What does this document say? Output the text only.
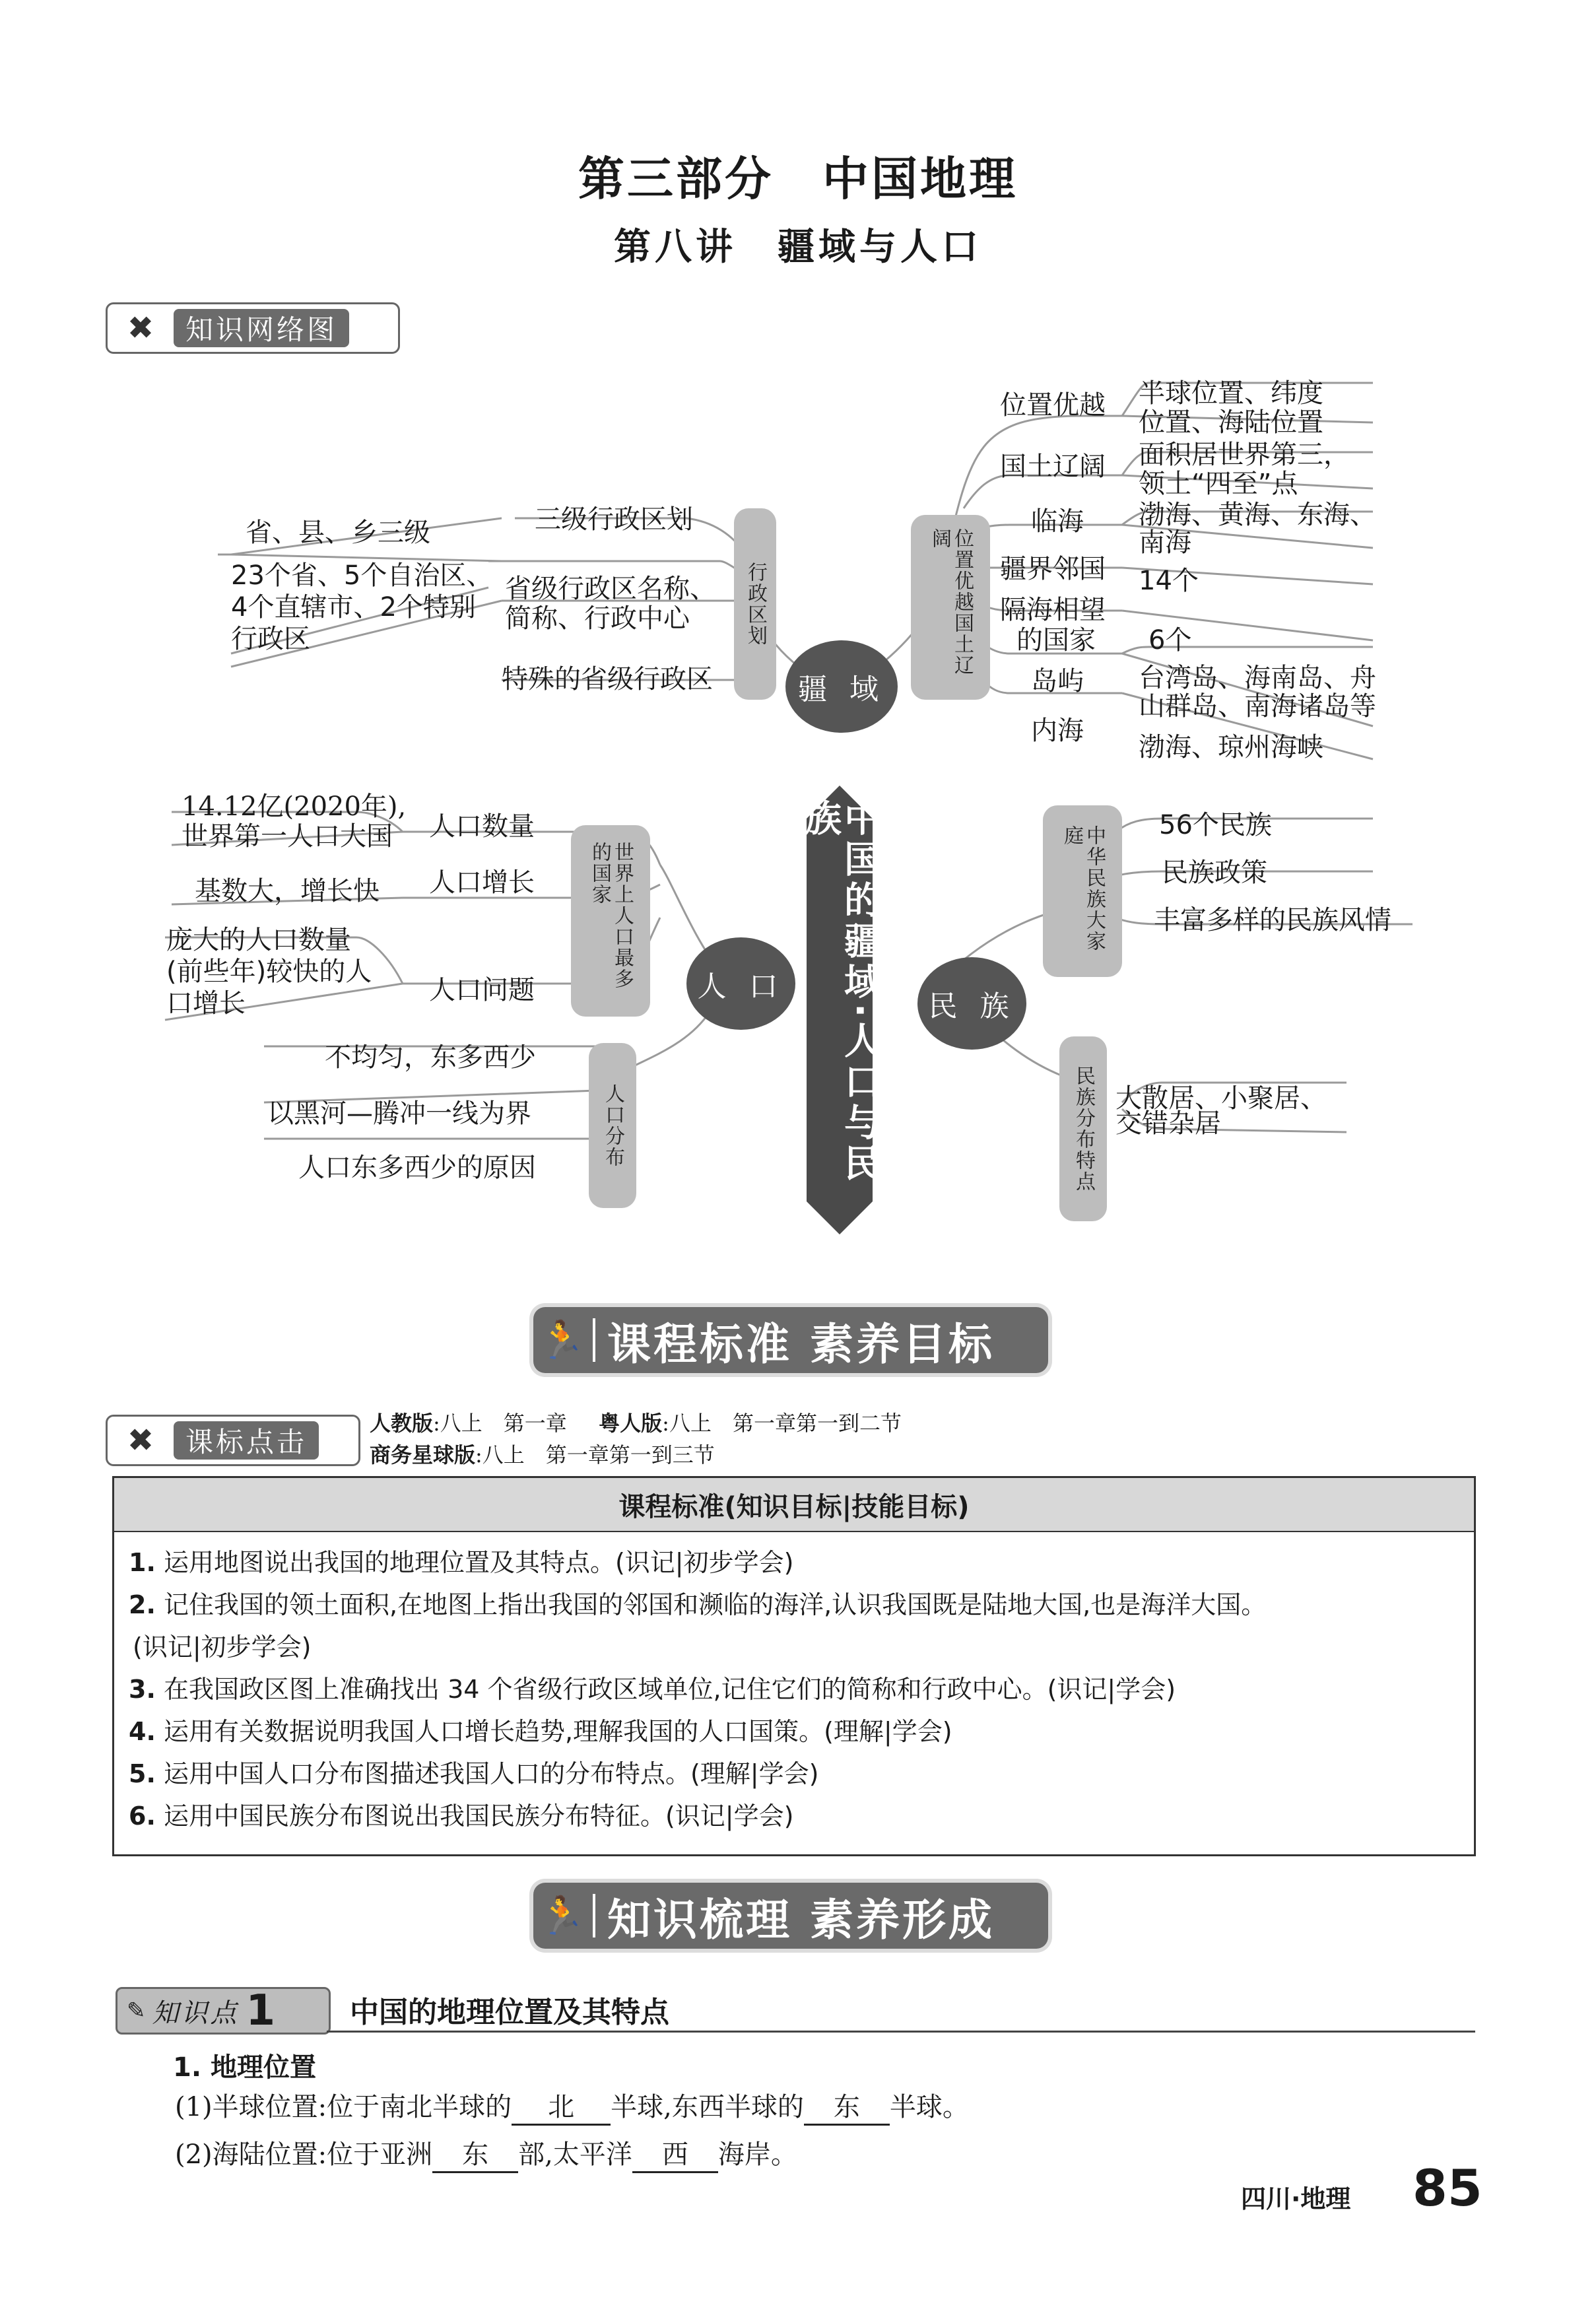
第三部分　中国地理
第八讲　疆域与人口
✖	知识网络图
中国的疆域·人口与民族
疆 域
人 口
民 族
行政区划	位置优越国土辽阔
世界上人口最多的国家
人口分布
中华民族大家庭
民族分布特点
三级行政区划
省级行政区名称、
简称、行政中心
特殊的省级行政区
省、县、乡三级
23个省、5个自治区、
4个直辖市、2个特别
行政区
位置优越 半球位置、纬度
位置、海陆位置
国土辽阔 面积居世界第三，
领土“四至”点
临海 渤海、黄海、东海、
南海
疆界邻国 14个
隔海相望
的国家 6个
岛屿 台湾岛、海南岛、舟
山群岛、南海诸岛等
内海
渤海、琼州海峡
人口数量
14.12亿(2020年),
世界第一人口大国
人口增长
基数大，增长快
人口问题
庞大的人口数量
(前些年)较快的人
口增长
不均匀，东多西少
以黑河—腾冲一线为界
人口东多西少的原因
56个民族
民族政策
丰富多样的民族风情
大散居、小聚居、
交错杂居
🏃 课程标准 素养目标
✖	课标点击
人教版:八上　第一章 粤人版:八上　第一章第一到二节
商务星球版:八上　第一章第一到三节
课程标准(知识目标|技能目标)
1. 运用地图说出我国的地理位置及其特点。(识记|初步学会)
2. 记住我国的领土面积,在地图上指出我国的邻国和濒临的海洋,认识我国既是陆地大国,也是海洋大国。
(识记|初步学会)
3. 在我国政区图上准确找出 34 个省级行政区域单位,记住它们的简称和行政中心。(识记|学会)
4. 运用有关数据说明我国人口增长趋势,理解我国的人口国策。(理解|学会)
5. 运用中国人口分布图描述我国人口的分布特点。(理解|学会)
6. 运用中国民族分布图说出我国民族分布特征。(识记|学会)
🏃 知识梳理 素养形成
✎ 知识点 1	中国的地理位置及其特点
1. 地理位置
(1)半球位置:位于南北半球的 北 半球,东西半球的 东 半球。
(2)海陆位置:位于亚洲 东 部,太平洋 西 海岸。
四川·地理 85
